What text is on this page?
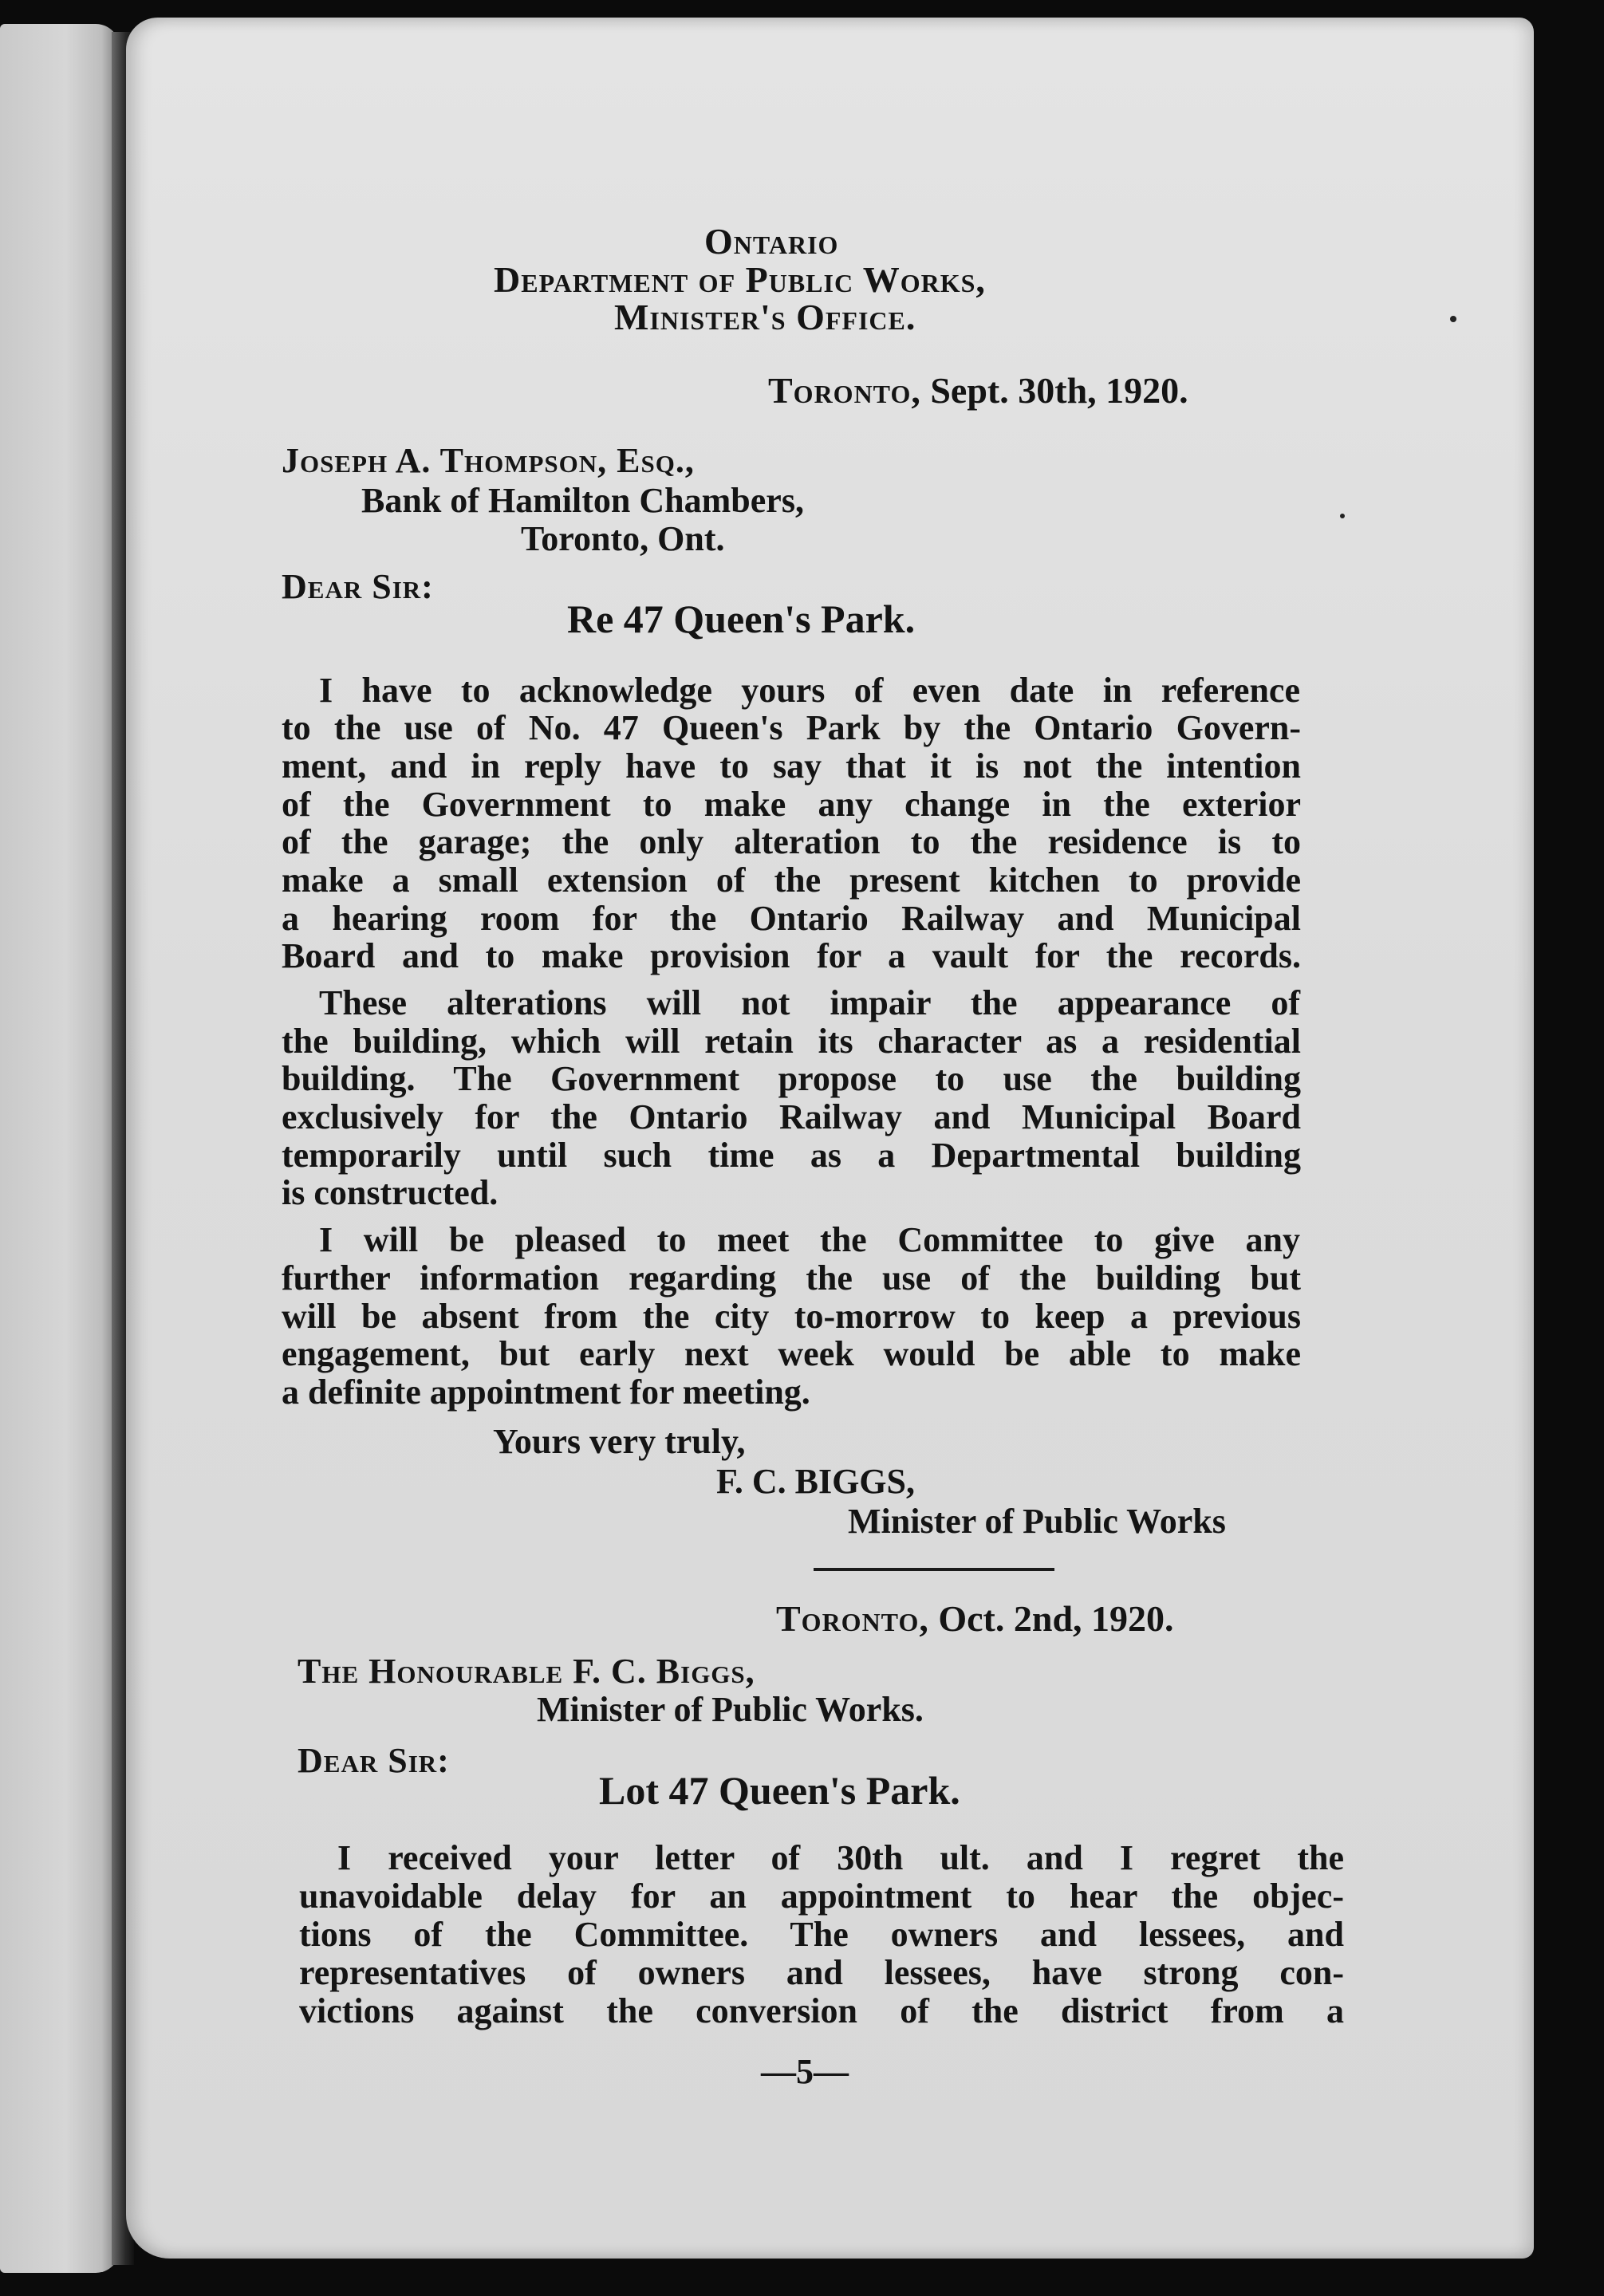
Ontario
Department of Public Works,
Minister's Office.
Toronto, Sept. 30th, 1920.
Joseph A. Thompson, Esq.,
Bank of Hamilton Chambers,
Toronto, Ont.
Dear Sir:
Re 47 Queen's Park.
I have to acknowledge yours of even date in reference
to the use of No. 47 Queen's Park by the Ontario Govern-
ment, and in reply have to say that it is not the intention
of the Government to make any change in the exterior
of the garage; the only alteration to the residence is to
make a small extension of the present kitchen to provide
a hearing room for the Ontario Railway and Municipal
Board and to make provision for a vault for the records.
These alterations will not impair the appearance of
the building, which will retain its character as a residential
building. The Government propose to use the building
exclusively for the Ontario Railway and Municipal Board
temporarily until such time as a Departmental building
is constructed.
I will be pleased to meet the Committee to give any
further information regarding the use of the building but
will be absent from the city to-morrow to keep a previous
engagement, but early next week would be able to make
a definite appointment for meeting.
Yours very truly,
F. C. BIGGS,
Minister of Public Works
Toronto, Oct. 2nd, 1920.
The Honourable F. C. Biggs,
Minister of Public Works.
Dear Sir:
Lot 47 Queen's Park.
I received your letter of 30th ult. and I regret the
unavoidable delay for an appointment to hear the objec-
tions of the Committee. The owners and lessees, and
representatives of owners and lessees, have strong con-
victions against the conversion of the district from a
—5—
